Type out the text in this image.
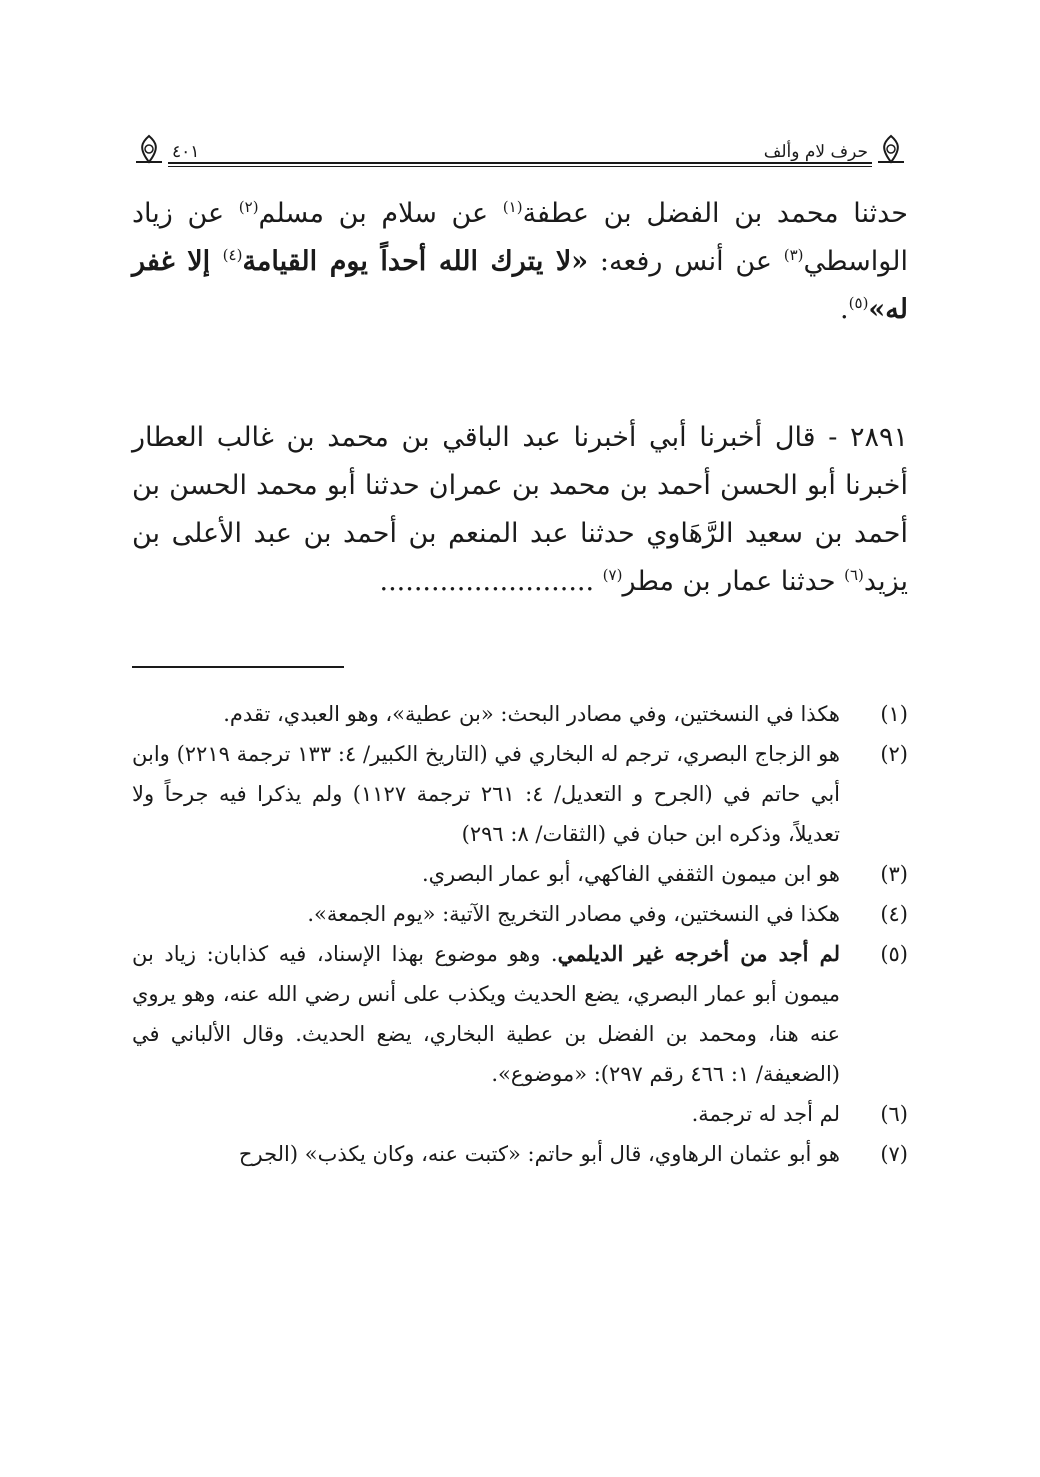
حرف لام وألف
٤٠١
حدثنا محمد بن الفضل بن عطفة$^{(١)}$ عن سلام بن مسلم$^{(٢)}$ عن زياد الواسطي$^{(٣)}$ عن أنس رفعه: «لا يترك الله أحداً يوم القيامة$^{(٤)}$ إلا غفر له»$^{(٥)}$.
٢٨٩١ - قال أخبرنا أبي أخبرنا عبد الباقي بن محمد بن غالب العطار أخبرنا أبو الحسن أحمد بن محمد بن عمران حدثنا أبو محمد الحسن بن أحمد بن سعيد الرَّهَاوي حدثنا عبد المنعم بن أحمد بن عبد الأعلى بن يزيد$^{(٦)}$ حدثنا عمار بن مطر$^{(٧)}$ .........................
(١)
هكذا في النسختين، وفي مصادر البحث: «بن عطية»، وهو العبدي، تقدم.
(٢)
هو الزجاج البصري، ترجم له البخاري في (التاريخ الكبير/ ٤: ١٣٣ ترجمة ٢٢١٩) وابن أبي حاتم في (الجرح و التعديل/ ٤: ٢٦١ ترجمة ١١٢٧) ولم يذكرا فيه جرحاً ولا تعديلاً، وذكره ابن حبان في (الثقات/ ٨: ٢٩٦)
(٣)
هو ابن ميمون الثقفي الفاكهي، أبو عمار البصري.
(٤)
هكذا في النسختين، وفي مصادر التخريج الآتية: «يوم الجمعة».
(٥)
لم أجد من أخرجه غير الديلمي. وهو موضوع بهذا الإسناد، فيه كذابان: زياد بن ميمون أبو عمار البصري، يضع الحديث ويكذب على أنس رضي الله عنه، وهو يروي عنه هنا، ومحمد بن الفضل بن عطية البخاري، يضع الحديث. وقال الألباني في (الضعيفة/ ١: ٤٦٦ رقم ٢٩٧): «موضوع».
(٦)
لم أجد له ترجمة.
(٧)
هو أبو عثمان الرهاوي، قال أبو حاتم: «كتبت عنه، وكان يكذب» (الجرح
